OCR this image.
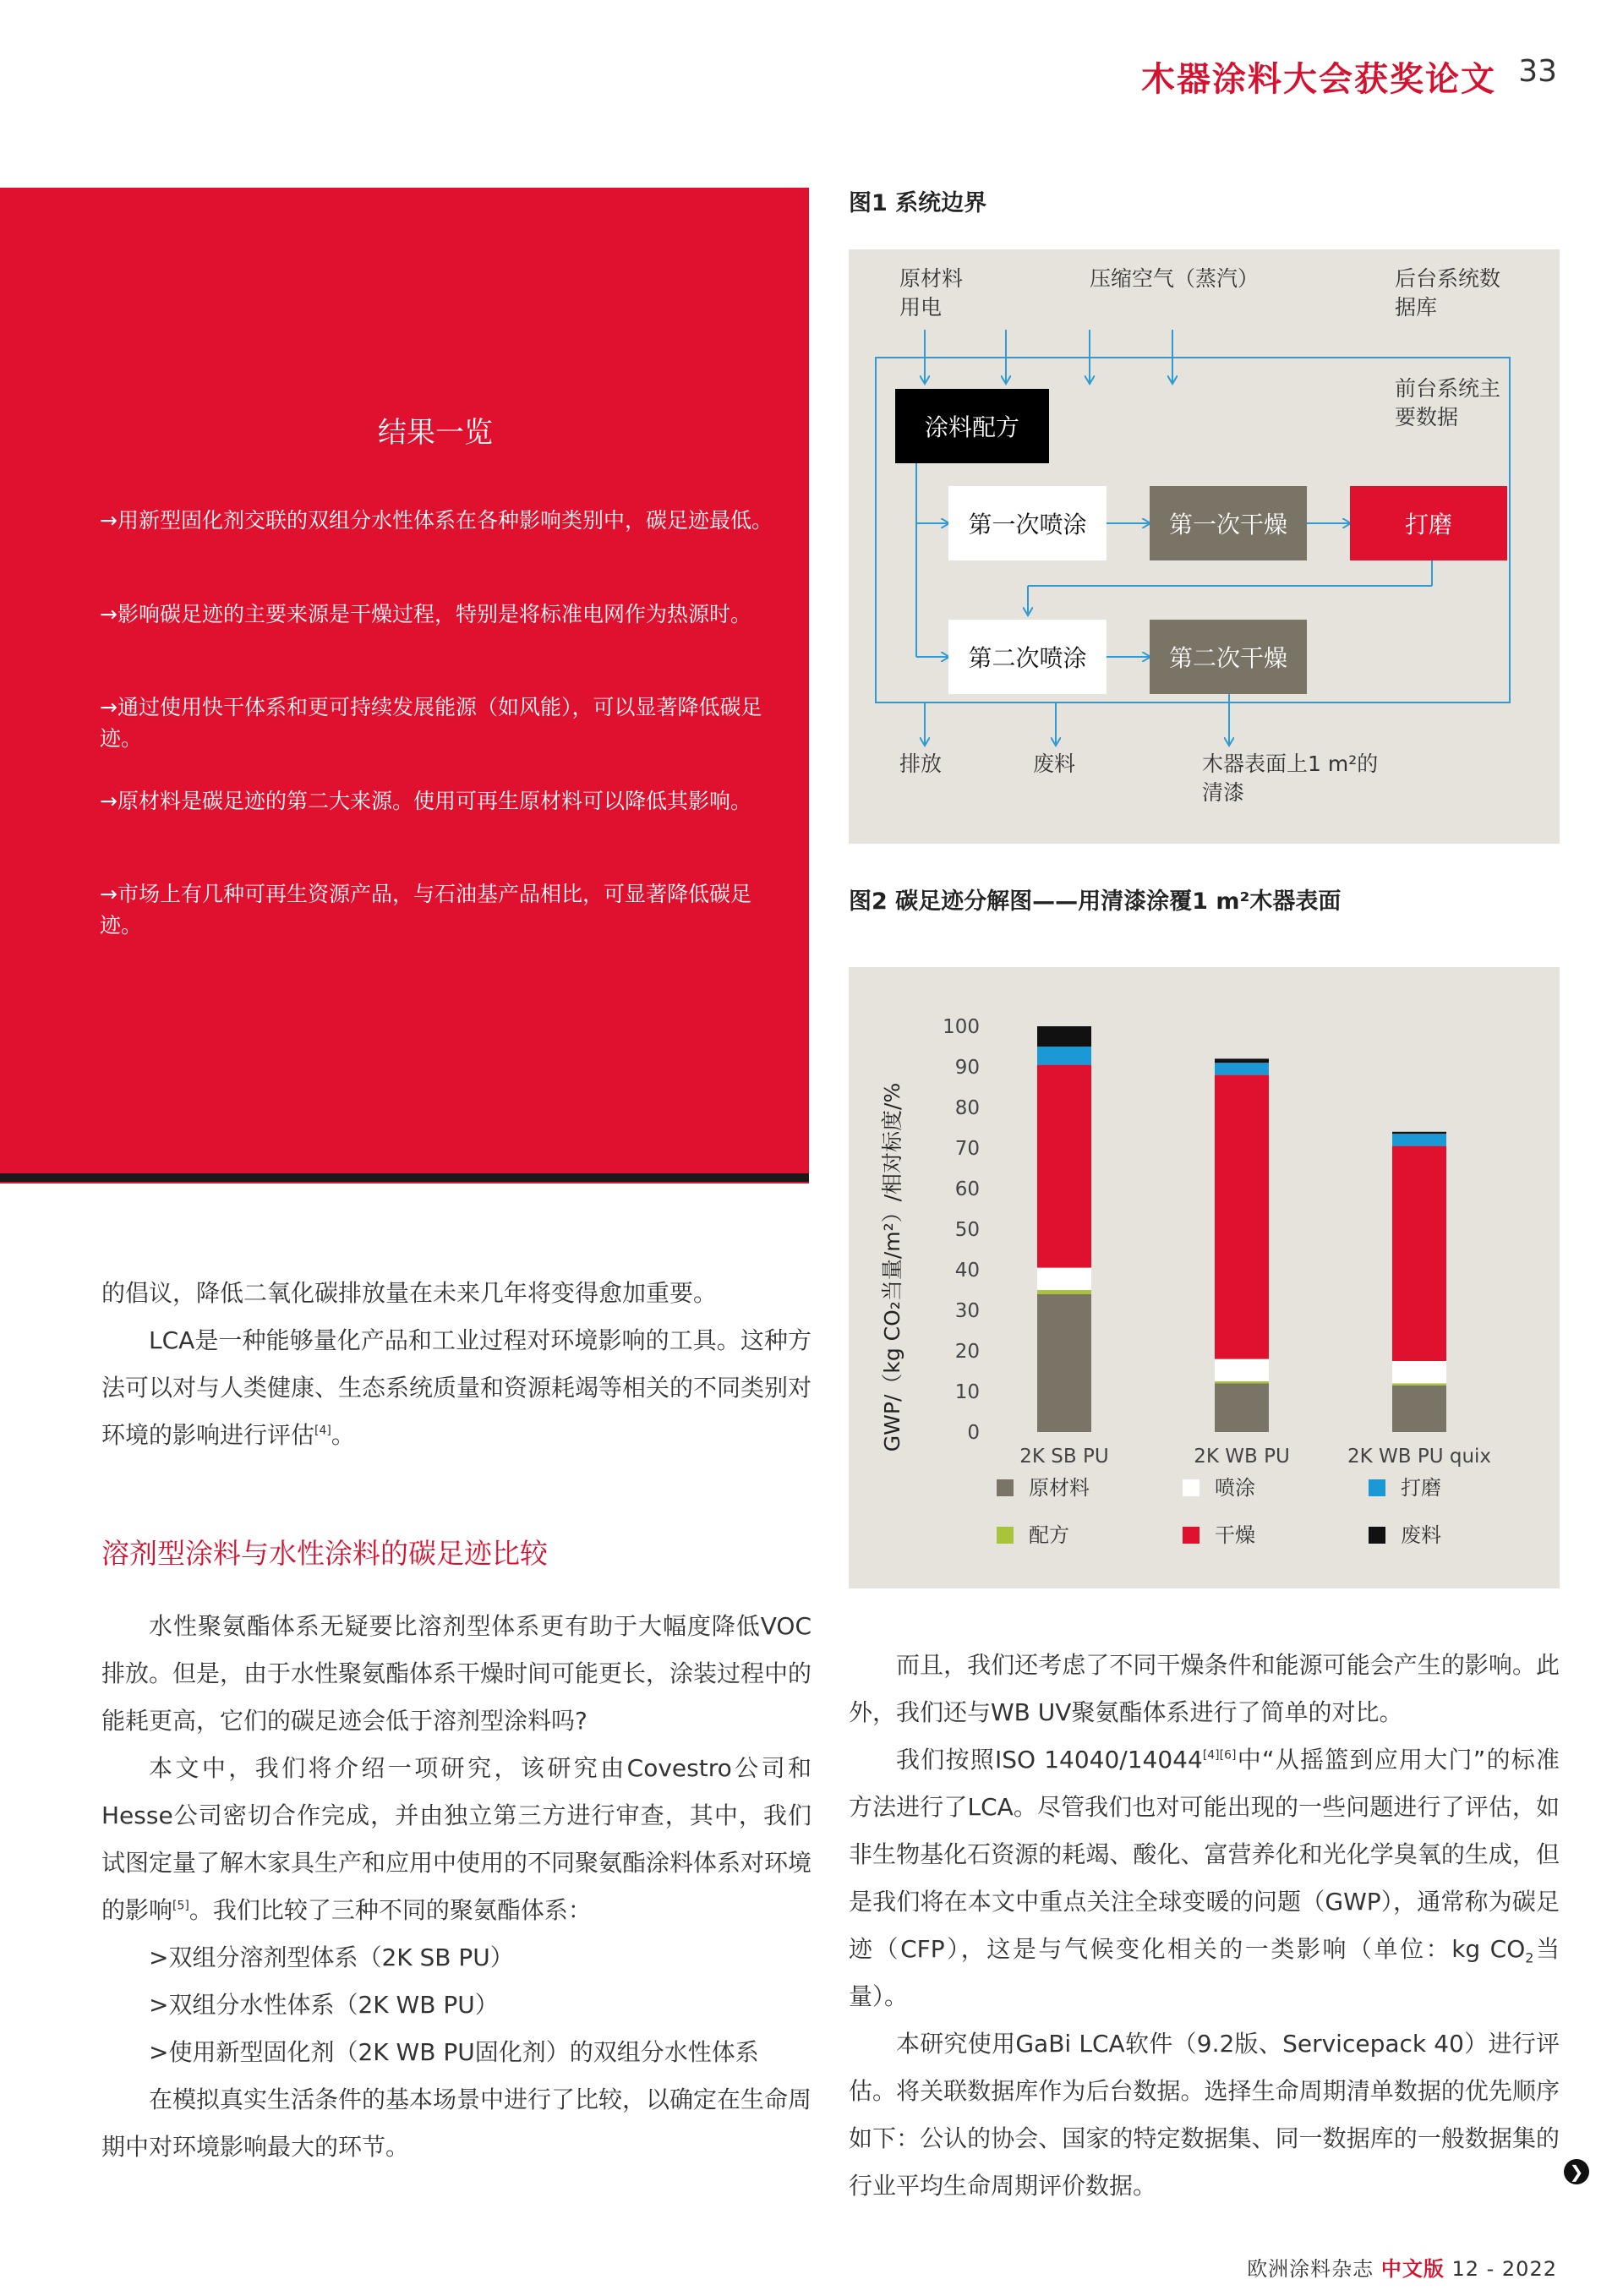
木器涂料大会获奖论文 33
结果一览
→用新型固化剂交联的双组分水性体系在各种影响类别中，碳足迹最低。
→影响碳足迹的主要来源是干燥过程，特别是将标准电网作为热源时。
→通过使用快干体系和更可持续发展能源（如风能），可以显著降低碳足迹。
→原材料是碳足迹的第二大来源。使用可再生原材料可以降低其影响。
→市场上有几种可再生资源产品，与石油基产品相比，可显著降低碳足迹。

的倡议，降低二氧化碳排放量在未来几年将变得愈加重要。

LCA是一种能够量化产品和工业过程对环境影响的工具。这种方法可以对与人类健康、生态系统质量和资源耗竭等相关的不同类别对环境的影响进行评估[4]。

溶剂型涂料与水性涂料的碳足迹比较

水性聚氨酯体系无疑要比溶剂型体系更有助于大幅度降低VOC排放。但是，由于水性聚氨酯体系干燥时间可能更长，涂装过程中的能耗更高，它们的碳足迹会低于溶剂型涂料吗?

本文中，我们将介绍一项研究，该研究由Covestro公司和Hesse公司密切合作完成，并由独立第三方进行审查，其中，我们试图定量了解木家具生产和应用中使用的不同聚氨酯涂料体系对环境的影响[5]。我们比较了三种不同的聚氨酯体系：

>双组分溶剂型体系（2K SB PU）

>双组分水性体系（2K WB PU）

>使用新型固化剂（2K WB PU固化剂）的双组分水性体系

在模拟真实生活条件的基本场景中进行了比较，以确定在生命周期中对环境影响最大的环节。

图1 系统边界
原材料
用电
压缩空气（蒸汽）	后台系统数
据库
前台系统主
要数据
涂料配方
第一次喷涂	第一次干燥	打磨
第二次喷涂	第二次干燥
排放	废料	木器表面上1 m²的
清漆
图2 碳足迹分解图——用清漆涂覆1 m²木器表面
0
10
20
30
40
50
60
70
80
90
100
2K SB PU	2K WB PU	2K WB PU quix
原材料	喷涂	打磨
配方	干燥	废料
GWP/（kg CO₂当量/m²）/相对标度/%

而且，我们还考虑了不同干燥条件和能源可能会产生的影响。此外，我们还与WB UV聚氨酯体系进行了简单的对比。

我们按照ISO 14040/14044[4][6]中“从摇篮到应用大门”的标准方法进行了LCA。尽管我们也对可能出现的一些问题进行了评估，如非生物基化石资源的耗竭、酸化、富营养化和光化学臭氧的生成，但是我们将在本文中重点关注全球变暖的问题（GWP），通常称为碳足迹（CFP），这是与气候变化相关的一类影响（单位：kg $CO_2$当量）。

本研究使用GaBi LCA软件（9.2版、Servicepack 40）进行评估。将关联数据库作为后台数据。选择生命周期清单数据的优先顺序如下：公认的协会、国家的特定数据集、同一数据库的一般数据集的行业平均生命周期评价数据。	❯
欧洲涂料杂志 中文版 12 - 2022
